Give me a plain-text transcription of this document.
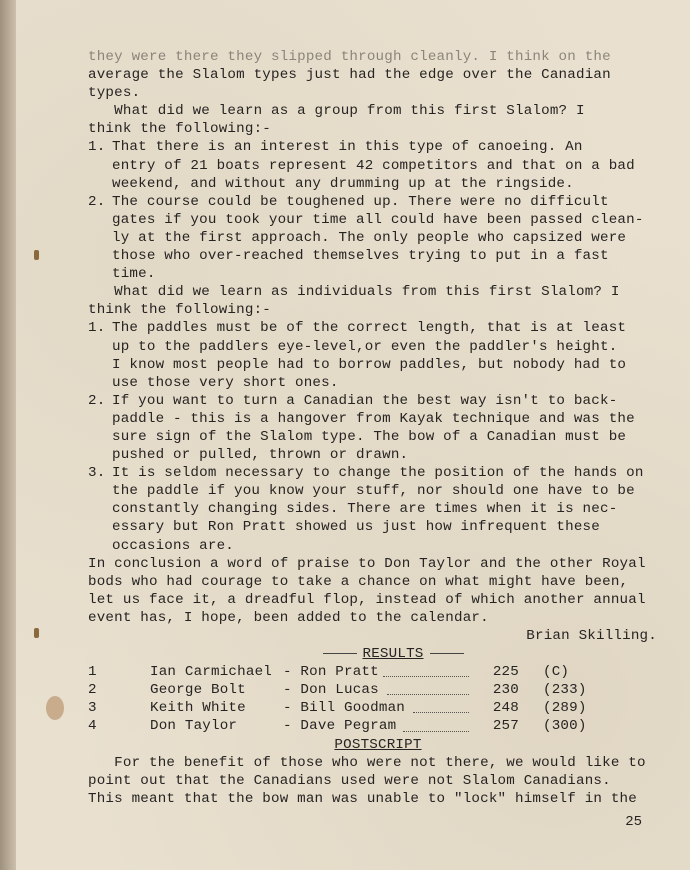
they were there they slipped through cleanly. I think on the
average the Slalom types just had the edge over the Canadian
types.
What did we learn as a group from this first Slalom? I
think the following:-
1. That there is an interest in this type of canoeing. An
entry of 21 boats represent 42 competitors and that on a bad
weekend, and without any drumming up at the ringside.
2. The course could be toughened up. There were no difficult
gates if you took your time all could have been passed clean-
ly at the first approach. The only people who capsized were
those who over-reached themselves trying to put in a fast
time.
What did we learn as individuals from this first Slalom? I
think the following:-
1. The paddles must be of the correct length, that is at least
up to the paddlers eye-level,or even the paddler's height.
I know most people had to borrow paddles, but nobody had to
use those very short ones.
2. If you want to turn a Canadian the best way isn't to back-
paddle - this is a hangover from Kayak technique and was the
sure sign of the Slalom type. The bow of a Canadian must be
pushed or pulled, thrown or drawn.
3. It is seldom necessary to change the position of the hands on
the paddle if you know your stuff, nor should one have to be
constantly changing sides. There are times when it is nec-
essary but Ron Pratt showed us just how infrequent these
occasions are.
In conclusion a word of praise to Don Taylor and the other Royal
bods who had courage to take a chance on what might have been,
let us face it, a dreadful flop, instead of which another annual
event has, I hope, been added to the calendar.
Brian Skilling.
RESULTS
1	Ian Carmichael - Ron Pratt	225	(C)
2	George Bolt	- Don Lucas	230	(233)
3	Keith White	- Bill Goodman	248	(289)
4	Don Taylor	- Dave Pegram	257	(300)
POSTSCRIPT
For the benefit of those who were not there, we would like to
point out that the Canadians used were not Slalom Canadians.
This meant that the bow man was unable to "lock" himself in the
25
